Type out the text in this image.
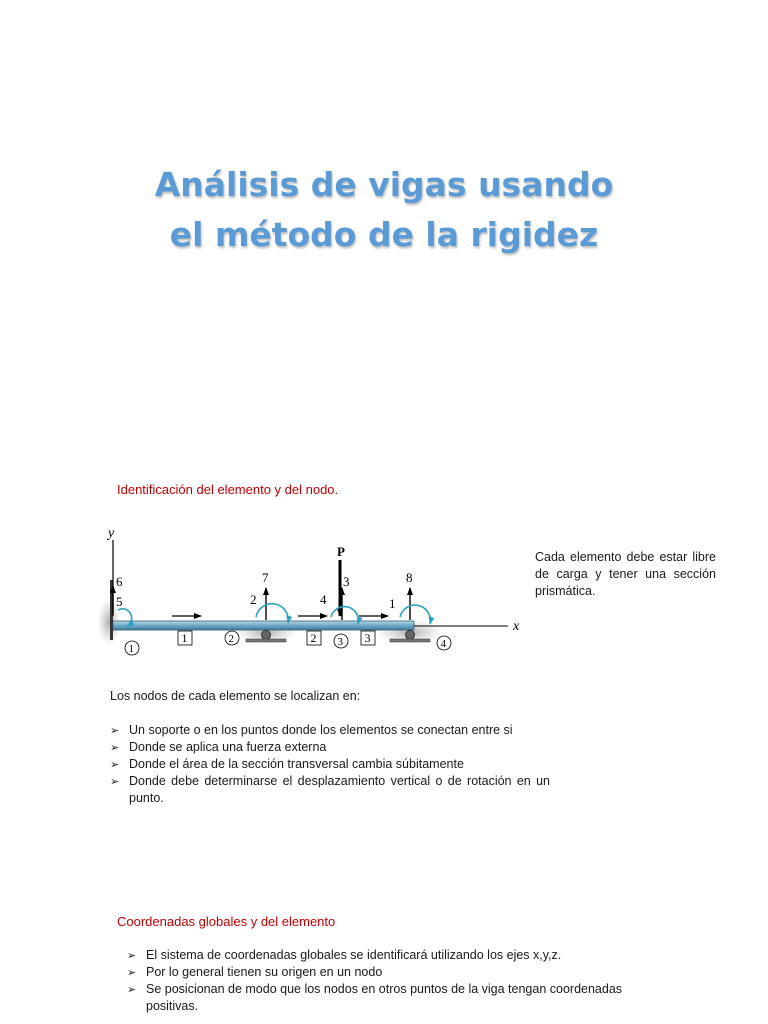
Análisis de vigas usando
el método de la rigidez
Identificación del elemento y del nodo.
y
x
P
6
5
7
2
3
4
8
1
1	2	3
1
2	3	4
Cada elemento debe estar libre de carga y tener una sección prismática.
Los nodos de cada elemento se localizan en:
➢ Un soporte o en los puntos donde los elementos se conectan entre si
➢ Donde se aplica una fuerza externa
➢ Donde el área de la sección transversal cambia súbitamente
➢ Donde debe determinarse el desplazamiento vertical o de rotación en un punto.
Coordenadas globales y del elemento
➢ El sistema de coordenadas globales se identificará utilizando los ejes x,y,z.
➢ Por lo general tienen su origen en un nodo
➢ Se posicionan de modo que los nodos en otros puntos de la viga tengan coordenadas positivas.
